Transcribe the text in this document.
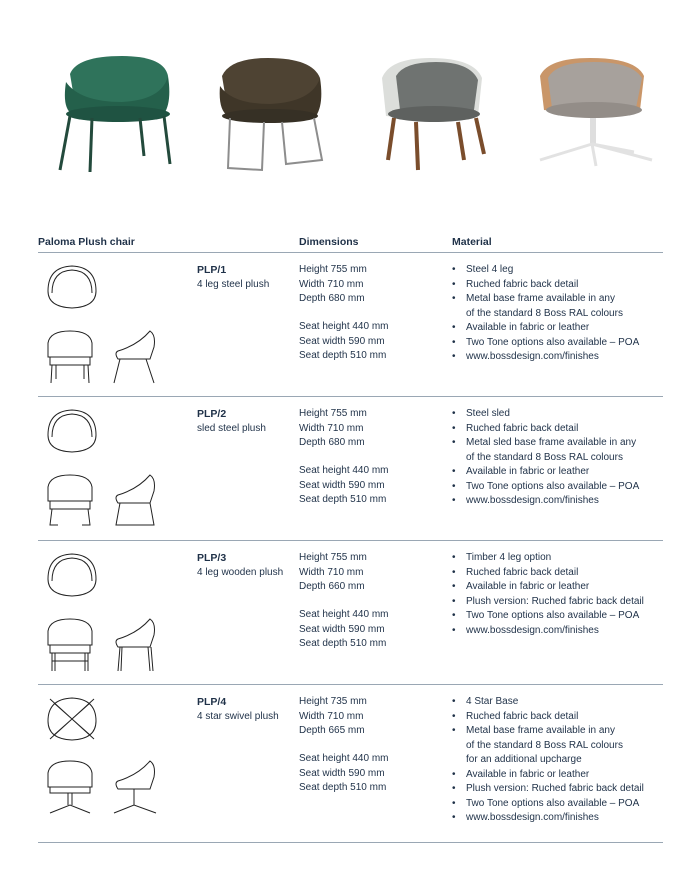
Paloma Plush chair	Dimensions	Material
PLP/1
4 leg steel plush
Height 755 mm
Width 710 mm
Depth 680 mm
Seat height 440 mm
Seat width 590 mm
Seat depth 510 mm
• Steel 4 leg
• Ruched fabric back detail
• Metal base frame available in any
of the standard 8 Boss RAL colours
• Available in fabric or leather
• Two Tone options also available – POA
• www.bossdesign.com/finishes
PLP/2
sled steel plush
Height 755 mm
Width 710 mm
Depth 680 mm
Seat height 440 mm
Seat width 590 mm
Seat depth 510 mm
• Steel sled
• Ruched fabric back detail
• Metal sled base frame available in any
of the standard 8 Boss RAL colours
• Available in fabric or leather
• Two Tone options also available – POA
• www.bossdesign.com/finishes
PLP/3
4 leg wooden plush
Height 755 mm
Width 710 mm
Depth 660 mm
Seat height 440 mm
Seat width 590 mm
Seat depth 510 mm
• Timber 4 leg option
• Ruched fabric back detail
• Available in fabric or leather
• Plush version: Ruched fabric back detail
• Two Tone options also available – POA
• www.bossdesign.com/finishes
PLP/4
4 star swivel plush
Height 735 mm
Width 710 mm
Depth 665 mm
Seat height 440 mm
Seat width 590 mm
Seat depth 510 mm
• 4 Star Base
• Ruched fabric back detail
• Metal base frame available in any
of the standard 8 Boss RAL colours
for an additional upcharge
• Available in fabric or leather
• Plush version: Ruched fabric back detail
• Two Tone options also available – POA
• www.bossdesign.com/finishes
